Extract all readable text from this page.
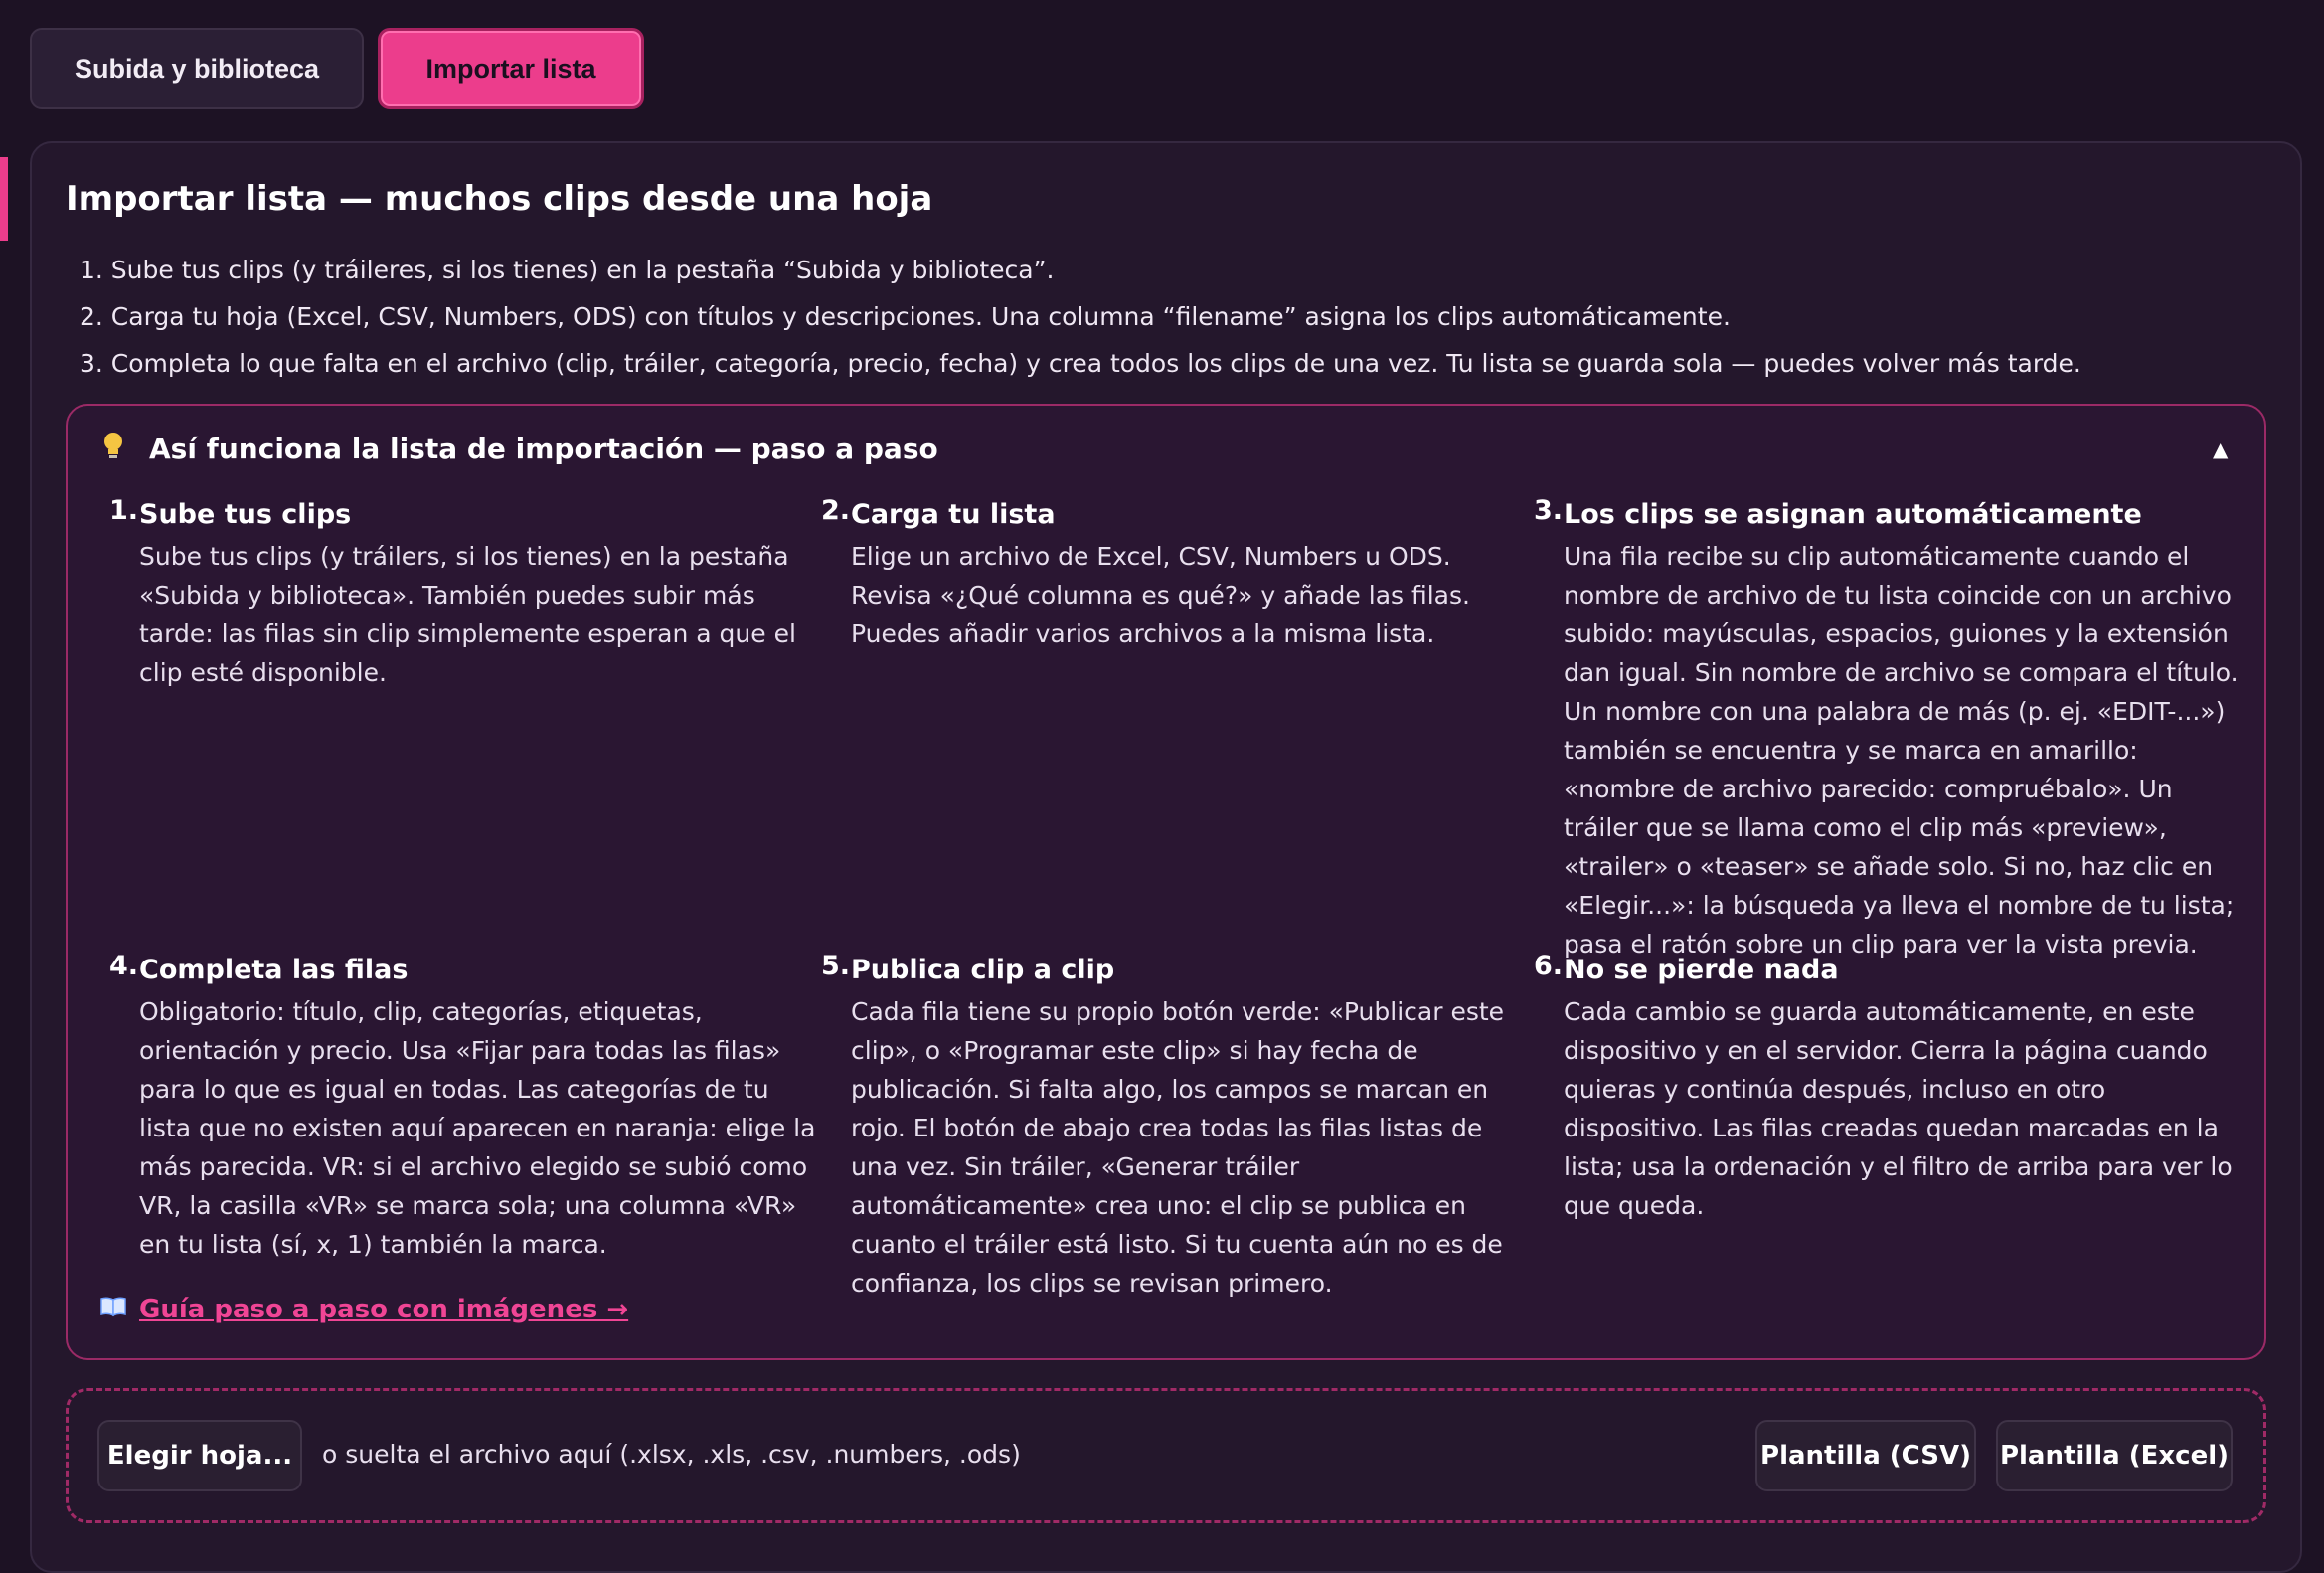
Subida y biblioteca	Importar lista
Importar lista — muchos clips desde una hoja
1. Sube tus clips (y tráileres, si los tienes) en la pestaña “Subida y biblioteca”.
2. Carga tu hoja (Excel, CSV, Numbers, ODS) con títulos y descripciones. Una columna “filename” asigna los clips automáticamente.
3. Completa lo que falta en el archivo (clip, tráiler, categoría, precio, fecha) y crea todos los clips de una vez. Tu lista se guarda sola — puedes volver más tarde.
Así funciona la lista de importación — paso a paso	▲
1. Sube tus clips
Sube tus clips (y tráilers, si los tienes) en la pestaña «Subida y biblioteca». También puedes subir más tarde: las filas sin clip simplemente esperan a que el clip esté disponible.
2. Carga tu lista
Elige un archivo de Excel, CSV, Numbers u ODS. Revisa «¿Qué columna es qué?» y añade las filas. Puedes añadir varios archivos a la misma lista.
3. Los clips se asignan automáticamente
Una fila recibe su clip automáticamente cuando el nombre de archivo de tu lista coincide con un archivo subido: mayúsculas, espacios, guiones y la extensión dan igual. Sin nombre de archivo se compara el título. Un nombre con una palabra de más (p. ej. «EDIT-...») también se encuentra y se marca en amarillo: «nombre de archivo parecido: compruébalo». Un tráiler que se llama como el clip más «preview», «trailer» o «teaser» se añade solo. Si no, haz clic en «Elegir...»: la búsqueda ya lleva el nombre de tu lista; pasa el ratón sobre un clip para ver la vista previa.
4. Completa las filas
Obligatorio: título, clip, categorías, etiquetas, orientación y precio. Usa «Fijar para todas las filas» para lo que es igual en todas. Las categorías de tu lista que no existen aquí aparecen en naranja: elige la más parecida. VR: si el archivo elegido se subió como VR, la casilla «VR» se marca sola; una columna «VR» en tu lista (sí, x, 1) también la marca.
5. Publica clip a clip
Cada fila tiene su propio botón verde: «Publicar este clip», o «Programar este clip» si hay fecha de publicación. Si falta algo, los campos se marcan en rojo. El botón de abajo crea todas las filas listas de una vez. Sin tráiler, «Generar tráiler automáticamente» crea uno: el clip se publica en cuanto el tráiler está listo. Si tu cuenta aún no es de confianza, los clips se revisan primero.
6. No se pierde nada
Cada cambio se guarda automáticamente, en este dispositivo y en el servidor. Cierra la página cuando quieras y continúa después, incluso en otro dispositivo. Las filas creadas quedan marcadas en la lista; usa la ordenación y el filtro de arriba para ver lo que queda.
Guía paso a paso con imágenes →
Elegir hoja...	o suelta el archivo aquí (.xlsx, .xls, .csv, .numbers, .ods)	Plantilla (CSV) Plantilla (Excel)
